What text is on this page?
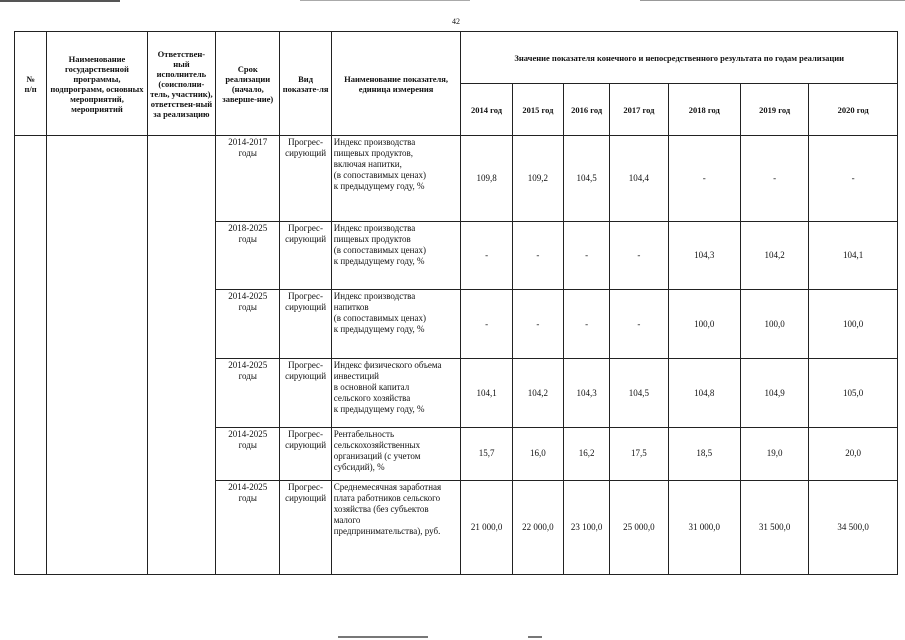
42
№
п/п	Наименование государственной программы, подпрограмм, основных мероприятий, мероприятий	Ответствен-ный исполнитель (соисполни-тель, участник), ответствен-ный за реализацию	Срок реализации (начало, заверше-ние)	Вид показате-ля	Наименование показателя, единица измерения	Значение показателя конечного и непосредственного результата по годам реализации						
						2014 год	2015 год	2016 год	2017 год	2018 год	2019 год	2020 год
			2014-2017
годы	Прогрес-
сирующий	Индекс производства
пищевых продуктов,
включая напитки,
(в сопоставимых ценах)
к предыдущему году, %	109,8	109,2	104,5	104,4	-	-	-
			2018-2025
годы	Прогрес-
сирующий	Индекс производства
пищевых продуктов
(в сопоставимых ценах)
к предыдущему году, %	-	-	-	-	104,3	104,2	104,1
			2014-2025
годы	Прогрес-
сирующий	Индекс производства
напитков
(в сопоставимых ценах)
к предыдущему году, %	-	-	-	-	100,0	100,0	100,0
			2014-2025
годы	Прогрес-
сирующий	Индекс физического объема
инвестиций
в основной капитал
сельского хозяйства
к предыдущему году, %	104,1	104,2	104,3	104,5	104,8	104,9	105,0
			2014-2025
годы	Прогрес-
сирующий	Рентабельность
сельскохозяйственных
организаций (с учетом
субсидий), %	15,7	16,0	16,2	17,5	18,5	19,0	20,0
			2014-2025
годы	Прогрес-
сирующий	Среднемесячная заработная
плата работников сельского
хозяйства (без субъектов
малого
предпринимательства), руб.	21 000,0	22 000,0	23 100,0	25 000,0	31 000,0	31 500,0	34 500,0
